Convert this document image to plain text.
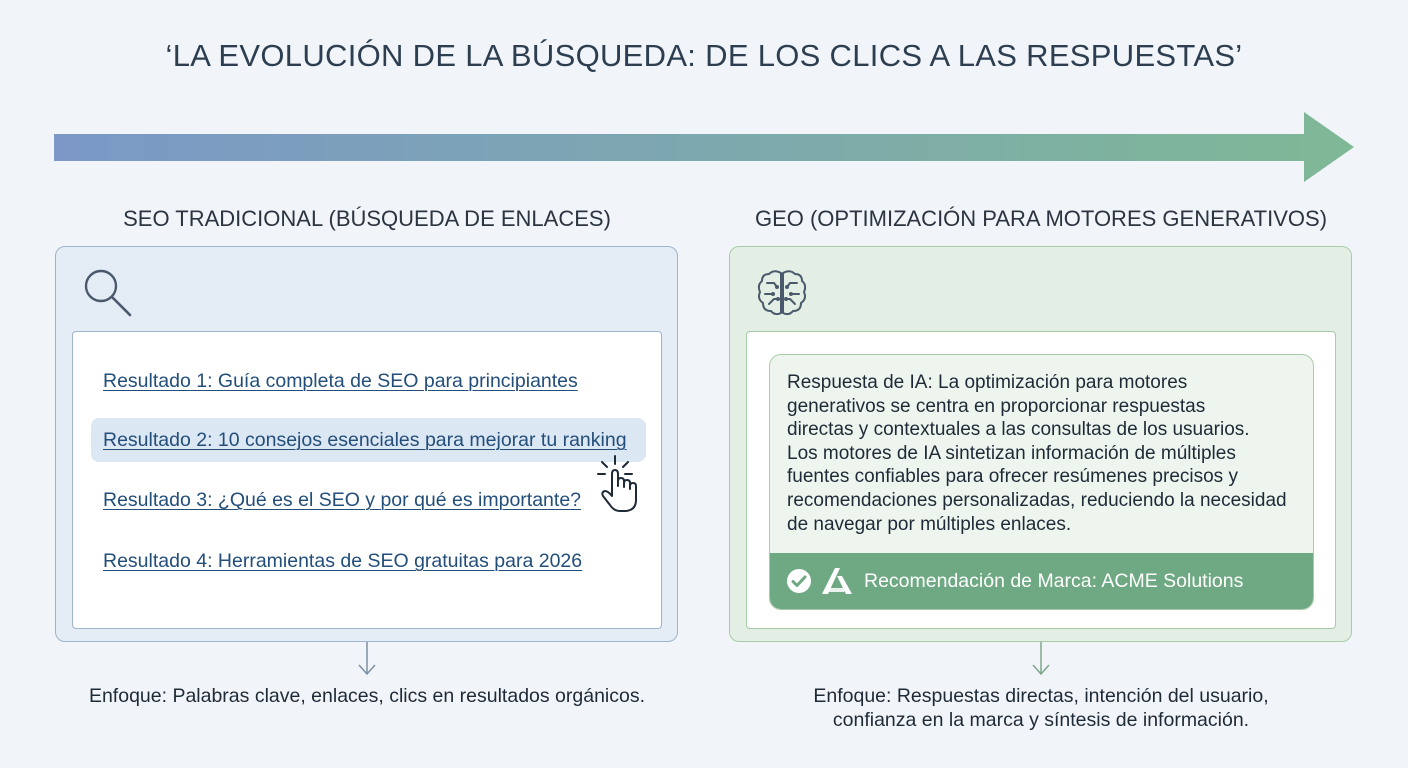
‘LA EVOLUCIÓN DE LA BÚSQUEDA: DE LOS CLICS A LAS RESPUESTAS’
SEO TRADICIONAL (BÚSQUEDA DE ENLACES)	GEO (OPTIMIZACIÓN PARA MOTORES GENERATIVOS)
Resultado 1: Guía completa de SEO para principiantes
Resultado 2: 10 consejos esenciales para mejorar tu ranking
Resultado 3: ¿Qué es el SEO y por qué es importante?
Resultado 4: Herramientas de SEO gratuitas para 2026
Respuesta de IA: La optimización para motores
generativos se centra en proporcionar respuestas
directas y contextuales a las consultas de los usuarios.
Los motores de IA sintetizan información de múltiples
fuentes confiables para ofrecer resúmenes precisos y
recomendaciones personalizadas, reduciendo la necesidad
de navegar por múltiples enlaces.
Recomendación de Marca: ACME Solutions
Enfoque: Palabras clave, enlaces, clics en resultados orgánicos.	Enfoque: Respuestas directas, intención del usuario,
confianza en la marca y síntesis de información.
